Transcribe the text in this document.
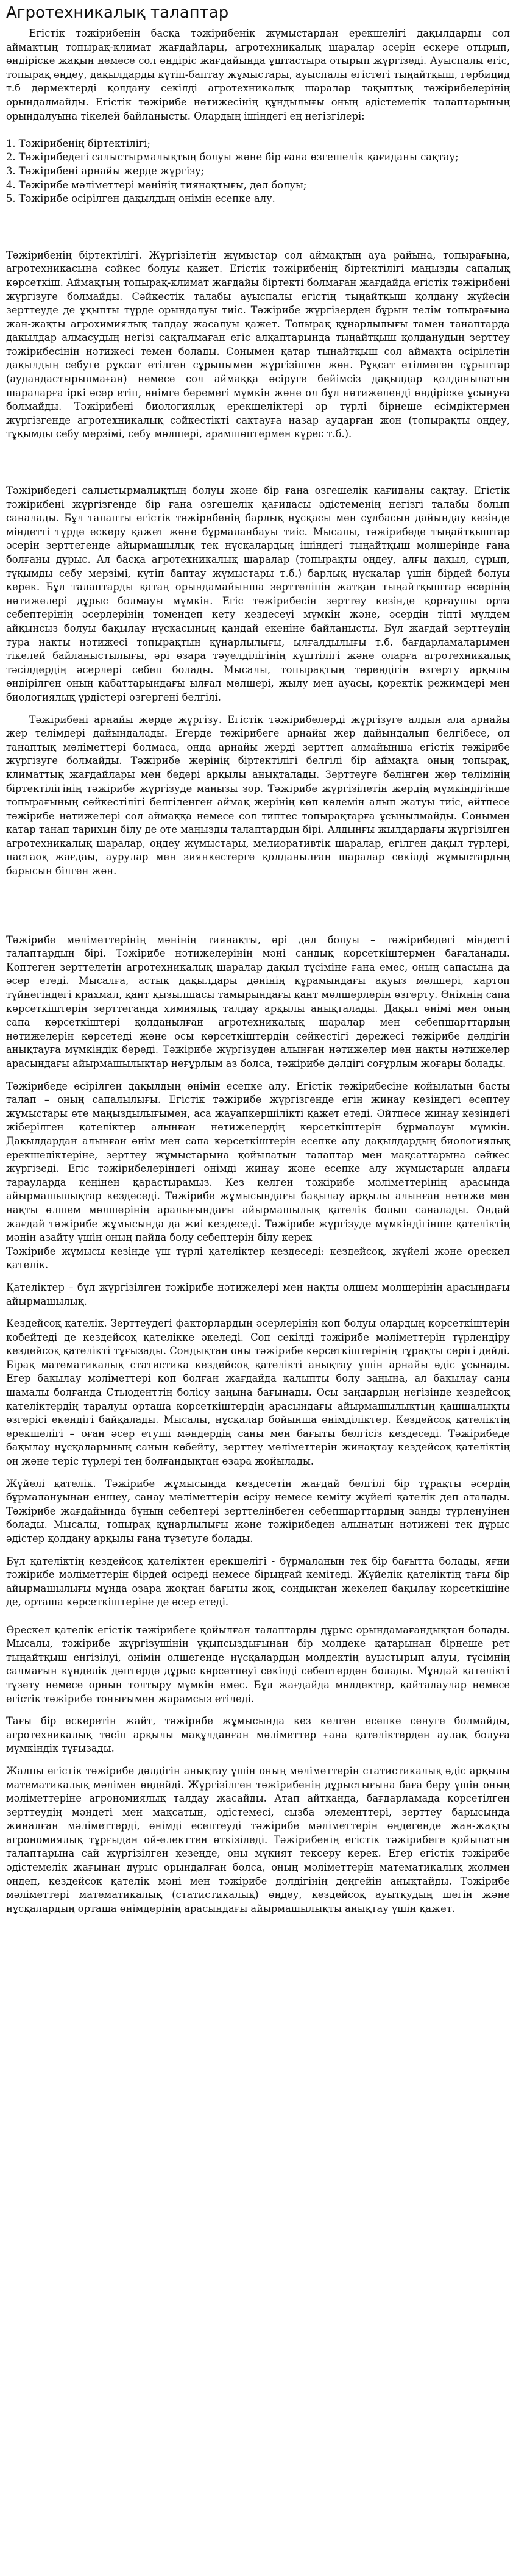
Агротехникалық талаптар

Егістік тәжірибенің басқа тәжірибенік жұмыстардан ерекшелігі дақылдарды сол аймақтың топырақ-климат жағдайлары, агротехникалық шаралар әсерін ескере отырып, өндіріске жақын немесе сол өндіріс жағдайында ұштастыра отырып жүргізеді. Ауыспалы егіс, топырақ өңдеу, дақылдарды күтіп-баптау жұмыстары, ауыспалы егістегі тыңайтқыш, гербицид т.б дәрмектерді қолдану секілді агротехникалық шаралар тақыптық тәжірибелерінің орындалмайды. Егістік тәжірибе нәтижесінің құндылығы оның әдістемелік талаптарының орындалуына тікелей байланысты. Олардың ішіндегі ең негізгілері:

1. Тәжірибенің біртектілігі;
2. Тәжірибедегі салыстырмалықтың болуы және бір ғана өзгешелік қағиданы сақтау;
3. Тәжірибені арнайы жерде жүргізу;
4. Тәжірибе мәліметтері мәнінің тиянақтығы, дәл болуы;
5. Тәжірибе өсірілген дақылдың өнімін есепке алу.

Тәжірибенің біртектілігі. Жүргізілетін жұмыстар сол аймақтың ауа райына, топырағына, агротехникасына сәйкес болуы қажет. Егістік тәжірибенің біртектілігі маңызды сапалық көрсеткіш. Аймақтың топырақ-климат жағдайы біртекті болмаған жағдайда егістік тәжірибені жүргізуге болмайды. Сәйкестік талабы ауыспалы егістің тыңайтқыш қолдану жүйесін зерттеуде де ұқыпты түрде орындалуы тиіс. Тәжірибе жүргізерден бұрын телім топырағына жан-жақты агрохимиялық талдау жасалуы қажет. Топырақ құнарлылығы тамен танаптарда дақылдар алмасудың негізі сақталмаған егіс алқаптарында тыңайтқыш қолданудың зерттеу тәжірибесінің нәтижесі темен болады. Сонымен қатар тыңайтқыш сол аймақта өсірілетін дақылдың себуге рұқсат етілген сұрыпымен жүргізілген жөн. Рұқсат етілмеген сұрыптар (аудандастырылмаған) немесе сол аймаққа өсіруге бейімсіз дақылдар қолданылатын шараларға іркі әсер етіп, өнімге беремегі мүмкін және ол бұл нәтижеленді өндіріске ұсынуға болмайды. Тәжірибені биологиялық ерекшеліктері әр түрлі бірнеше есімдіктермен жүргізгенде агротехникалық сәйкестікті сақтауға назар аударған жөн (топырақты өңдеу, тұқымды себу мерзімі, себу мөлшері, арамшөптермен күрес т.б.).

Тәжірибедегі салыстырмалықтың болуы және бір ғана өзгешелік қағиданы сақтау. Егістік тәжірибені жүргізгенде бір ғана өзгешелік қағидасы әдістеменің негізгі талабы болып саналады. Бұл талапты егістік тәжірибенің барлық нұсқасы мен сұлбасын дайындау кезінде міндетті түрде ескеру қажет және бұрмаланбауы тиіс. Мысалы, тәжірибеде тыңайтқыштар әсерін зерттегенде айырмашылық тек нұсқалардың ішіндегі тыңайтқыш мөлшерінде ғана болғаны дұрыс. Ал басқа агротехникалық шаралар (топырақты өңдеу, алғы дақыл, сұрып, тұқымды себу мерзімі, күтіп баптау жұмыстары т.б.) барлық нұсқалар үшін бірдей болуы керек. Бұл талаптарды қатаң орындамайынша зерттеліпін жатқан тыңайтқыштар әсерінің нәтижелері дұрыс болмауы мүмкін. Егіс тәжірибесін зерттеу кезінде қорғаушы орта себептерінің әсерлерінің төмендеп кету кездесеуі мүмкін және, әсердің тіпті мүлдем айқынсыз болуы бақылау нұсқасының қандай екеніне байланысты. Бұл жағдай зерттеудің тура нақты нәтижесі топырақтың құнарлылығы, ылғалдылығы т.б. бағдарламаларымен тікелей байланыстылығы, әрі өзара тәуелділігінің күштілігі және оларға агротехникалық тәсілдердің әсерлері себеп болады. Мысалы, топырақтың тереңдігін өзгерту арқылы өндірілген оның қабаттарындағы ылғал мөлшері, жылу мен ауасы, қоректік режимдері мен биологиялық үрдістері өзгергені белгілі.

Тәжірибені арнайы жерде жүргізу. Егістік тәжірибелерді жүргізуге алдын ала арнайы жер телімдері дайындалады. Егерде тәжірибеге арнайы жер дайындалып белгібесе, ол танаптық мәліметтері болмаса, онда арнайы жерді зерттеп алмайынша егістік тәжірибе жүргізуге болмайды. Тәжірибе жерінің біртектілігі белгілі бір аймақта оның топырақ, климаттық жағдайлары мен бедері арқылы анықталады. Зерттеуге бөлінген жер телімінің біртектілігінің тәжірибе жүргізуде маңызы зор. Тәжірибе жүргізілетін жердің мүмкіндігінше топырағының сәйкестілігі белгіленген аймақ жерінің көп көлемін алып жатуы тиіс, әйтпесе тәжірибе нәтижелері сол аймаққа немесе сол типтес топырақтарға ұсынылмайды. Сонымен қатар танап тарихын білу де өте маңызды талаптардың бірі. Алдыңғы жылдардағы жүргізілген агротехникалық шаралар, өңдеу жұмыстары, мелиоративтік шаралар, егілген дақыл түрлері, пастаоқ жағдаы, аурулар мен зиянкестерге қолданылған шаралар секілді жұмыстардың барысын білген жөн.

Тәжірибе мәліметтерінің мәнінің тиянақты, әрі дәл болуы – тәжірибедегі міндетті талаптардың бірі. Тәжірибе нәтижелерінің мәні сандық көрсеткіштермен бағаланады. Көптеген зерттелетін агротехникалық шаралар дақыл түсіміне ғана емес, оның сапасына да әсер етеді. Мысалға, астық дақылдары дәнінің құрамындағы ақуыз мөлшері, картоп түйнегіндегі крахмал, қант қызылшасы тамырындағы қант мөлшерлерін өзгерту. Өнімнің сапа көрсеткіштерін зерттеганда химиялық талдау арқылы анықталады. Дақыл өнімі мен оның сапа көрсеткіштері қолданылған агротехникалық шаралар мен себепшарттардың нәтижелерін көрсетеді және осы көрсеткіштердің сәйкестігі дәрежесі тәжірибе дәлдігін анықтауға мүмкіндік береді. Тәжірибе жүргізуден алынған нәтижелер мен нақты нәтижелер арасындағы айырмашылықтар неғұрлым аз болса, тәжірибе дәлдігі соғұрлым жоғары болады.

Тәжірибеде өсірілген дақылдың өнімін есепке алу. Егістік тәжірибесіне қойылатын басты талап – оның сапалылығы. Егістік тәжірибе жүргізгенде егін жинау кезіндегі есептеу жұмыстары өте маңыздылығымен, аса жауапкершілікті қажет етеді. Әйтпесе жинау кезіндегі жіберілген қателіктер алынған нәтижелердің көрсеткіштерін бұрмалауы мүмкін. Дақылдардан алынған өнім мен сапа көрсеткіштерін есепке алу дақылдардың биологиялық ерекшеліктеріне, зерттеу жұмыстарына қойылатын талаптар мен мақсаттарына сәйкес жүргізеді. Егіс тәжірибелеріндегі өнімді жинау және есепке алу жұмыстарын алдағы тарауларда кеңінен қарастырамыз. Кез келген тәжірибе мәліметтерінің арасында айырмашылықтар кездеседі. Тәжірибе жұмысындағы бақылау арқылы алынған нәтиже мен нақты өлшем мөлшерінің аралығындағы айырмашылық қателік болып саналады. Ондай жағдай тәжірибе жұмысында да жиі кездеседі. Тәжірибе жүргізуде мүмкіндігінше қателіктің мәнін азайту үшін оның пайда болу себептерін білу керек

Тәжірибе жұмысы кезінде үш түрлі қателіктер кездеседі: кездейсоқ, жүйелі және өрескел қателік.

Қателіктер – бұл жүргізілген тәжірибе нәтижелері мен нақты өлшем мөлшерінің арасындағы айырмашылық.

Кездейсоқ қателік. Зерттеудегі факторлардың әсерлерінің көп болуы олардың көрсеткіштерін көбейтеді де кездейсоқ қателікке әкеледі. Соп секілді тәжірибе мәліметтерін түрлендіру кездейсоқ қателікті тұғызады. Сондықтан оны тәжірибе көрсеткіштерінің тұрақты серігі дейді. Бірақ математикалық статистика кездейсоқ қателікті анықтау үшін арнайы әдіс ұсынады. Егер бақылау мәліметтері көп болған жағдайда қалыпты бөлу заңына, ал бақылау саны шамалы болғанда Стьюденттің бөлісу заңына бағынады. Осы заңдардың негізінде кездейсоқ қателіктердің таралуы орташа көрсеткіштердің арасындағы айырмашылықтың қашшалықты өзгерісі екендігі байқалады. Мысалы, нұсқалар бойынша өнімділіктер. Кездейсоқ қателіктің ерекшелігі – оған әсер етуші мәндердің саны мен бағыты белгісіз кездеседі. Тәжірибеде бақылау нұсқаларының санын көбейту, зерттеу мәліметтерін жинақтау кездейсоқ қателіктің оң және теріс түрлері тең болғандықтан өзара жойылады.

Жүйелі қателік. Тәжірибе жұмысында кездесетін жағдай белгілі бір тұрақты әсердің бұрмалануынан еншеу, санау мәліметтерін өсіру немесе кеміту жүйелі қателік деп аталады. Тәжірибе жағдайында бұның себептері зерттелінбеген себепшарттардың заңды түрленуінен болады. Мысалы, топырақ құнарлылығы және тәжірибеден алынатын нәтижені тек дұрыс әдістер қолдану арқылы ғана түзетуге болады.

Бұл қателіктің кездейсоқ қателіктен ерекшелігі - бұрмаланың тек бір бағытта болады, яғни тәжірибе мәліметтерін бірдей өсіреді немесе бірыңғай кемітеді. Жүйелік қателіктің тағы бір айырмашылығы мұнда өзара жоқтан бағыты жоқ, сондықтан жекелеп бақылау көрсеткішіне де, орташа көрсеткіштеріне де әсер етеді.

Өрескел қателік егістік тәжірибеге қойылған талаптарды дұрыс орындамағандықтан болады. Мысалы, тәжірибе жүргізушінің ұқыпсыздығынан бір мөлдеке қатарынан бірнеше рет тыңайтқыш енгізілуі, өнімін өлшегенде нұсқалардың мөлдектің ауыстырып алуы, түсімнің салмағын күнделік дәптерде дұрыс көрсетпеуі секілді себептерден болады. Мұндай қателікті түзету немесе орнын толтыру мүмкін емес. Бұл жағдайда мөлдектер, қайталаулар немесе егістік тәжірибе тонығымен жарамсыз етіледі.

Тағы бір ескеретін жайт, тәжірибе жұмысында кез келген есепке сенуге болмайды, агротехникалық тәсіл арқылы мақұлданған мәліметтер ғана қателіктерден аулақ болуға мүмкіндік тұғызады.

Жалпы егістік тәжірибе дәлдігін анықтау үшін оның мәліметтерін статистикалық әдіс арқылы математикалық мәлімен өңдейді. Жүргізілген тәжірибенің дұрыстығына баға беру үшін оның мәліметтеріне агрономиялық талдау жасайды. Атап айтқанда, бағдарламада көрсетілген зерттеудің мәндеті мен мақсатын, әдістемесі, сызба элементтері, зерттеу барысында жиналған мәліметтерді, өнімді есептеуді тәжірибе мәліметтерін өңдегенде жан-жақты агрономиялық тұрғыдан ой-електтен өткізіледі. Тәжірибенің егістік тәжірибеге қойылатын талаптарына сай жүргізілген кезеңде, оны мұқият тексеру керек. Егер егістік тәжірибе әдістемелік жағынан дұрыс орындалған болса, оның мәліметтерін математикалық жолмен өңдеп, кездейсоқ қателік мәні мен тәжірибе дәлдігінің деңгейін анықтайды. Тәжірибе мәліметтері математикалық (статистикалық) өңдеу, кездейсоқ ауытқудың шегін және нұсқалардың орташа өнімдерінің арасындағы айырмашылықты анықтау үшін қажет.
